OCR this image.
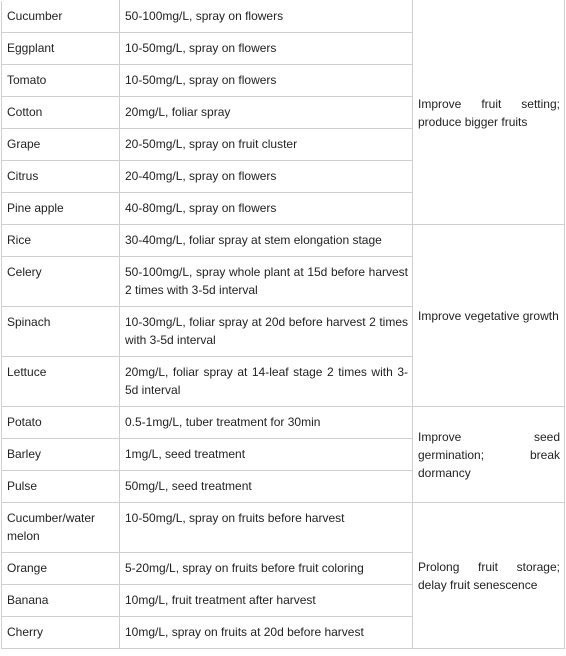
Cucumber	50-100mg/L, spray on flowers	Improve fruit setting; produce bigger fruits
Eggplant	10-50mg/L, spray on flowers	
Tomato	10-50mg/L, spray on flowers	
Cotton	20mg/L, foliar spray	
Grape	20-50mg/L, spray on fruit cluster	
Citrus	20-40mg/L, spray on flowers	
Pine apple	40-80mg/L, spray on flowers	
Rice	30-40mg/L, foliar spray at stem elongation stage	Improve vegetative growth
Celery	50-100mg/L, spray whole plant at 15d before harvest 2 times with 3-5d interval	
Spinach	10-30mg/L, foliar spray at 20d before harvest 2 times with 3-5d interval	
Lettuce	20mg/L, foliar spray at 14-leaf stage 2 times with 3-5d interval	
Potato	0.5-1mg/L, tuber treatment for 30min	Improve seed germination; break dormancy
Barley	1mg/L, seed treatment	
Pulse	50mg/L, seed treatment	
Cucumber/water melon	10-50mg/L, spray on fruits before harvest	Prolong fruit storage; delay fruit senescence
Orange	5-20mg/L, spray on fruits before fruit coloring	
Banana	10mg/L, fruit treatment after harvest	
Cherry	10mg/L, spray on fruits at 20d before harvest	
